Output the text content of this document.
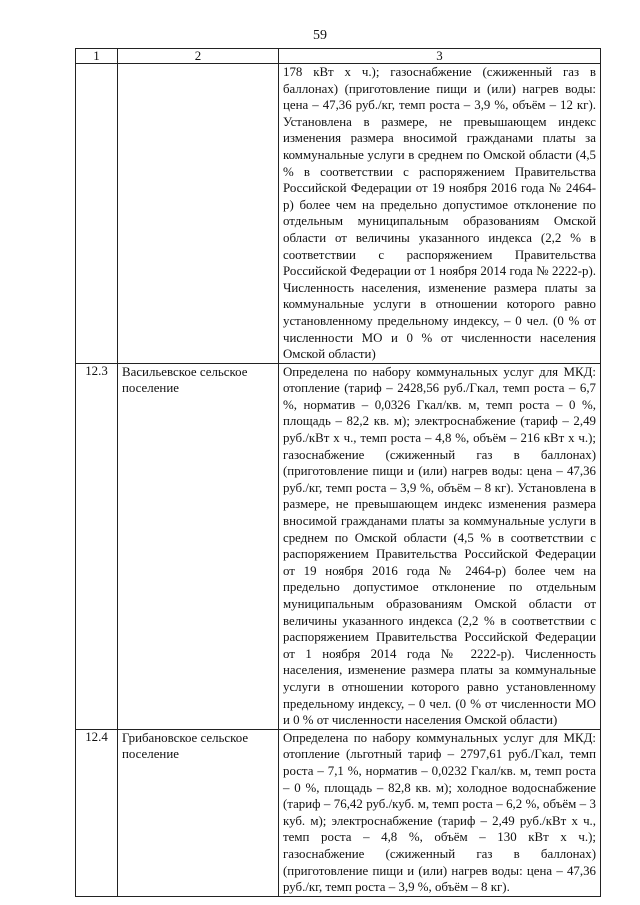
59
1	2	3
		178 кВт х ч.); газоснабжение (сжиженный газ в баллонах) (приготовление пищи и (или) нагрев воды: цена – 47,36 руб./кг, темп роста – 3,9 %, объём – 12 кг). Установлена в размере, не превышающем индекс изменения размера вносимой гражданами платы за коммунальные услуги в среднем по Омской области (4,5 % в соответствии с распоряжением Правительства Российской Федерации от 19 ноября 2016 года № 2464-р) более чем на предельно допустимое отклонение по отдельным муниципальным образованиям Омской области от величины указанного индекса (2,2 % в соответствии с распоряжением Правительства Российской Федерации от 1 ноября 2014 года № 2222-р). Численность населения, изменение размера платы за коммунальные услуги в отношении которого равно установленному предельному индексу, – 0 чел. (0 % от численности МО и 0 % от численности населения Омской области)
12.3	Васильевское сельское поселение	Определена по набору коммунальных услуг для МКД: отопление (тариф – 2428,56 руб./Гкал, темп роста – 6,7 %, норматив – 0,0326 Гкал/кв. м, темп роста – 0 %, площадь – 82,2 кв. м); электроснабжение (тариф – 2,49 руб./кВт х ч., темп роста – 4,8 %, объём – 216 кВт х ч.); газоснабжение (сжиженный газ в баллонах) (приготовление пищи и (или) нагрев воды: цена – 47,36 руб./кг, темп роста – 3,9 %, объём – 8 кг). Установлена в размере, не превышающем индекс изменения размера вносимой гражданами платы за коммунальные услуги в среднем по Омской области (4,5 % в соответствии с распоряжением Правительства Российской Федерации от 19 ноября 2016 года № 2464-р) более чем на предельно допустимое отклонение по отдельным муниципальным образованиям Омской области от величины указанного индекса (2,2 % в соответствии с распоряжением Правительства Российской Федерации от 1 ноября 2014 года № 2222-р). Численность населения, изменение размера платы за коммунальные услуги в отношении которого равно установленному предельному индексу, – 0 чел. (0 % от численности МО и 0 % от численности населения Омской области)
12.4	Грибановское сельское поселение	Определена по набору коммунальных услуг для МКД: отопление (льготный тариф – 2797,61 руб./Гкал, темп роста – 7,1 %, норматив – 0,0232 Гкал/кв. м, темп роста – 0 %, площадь – 82,8 кв. м); холодное водоснабжение (тариф – 76,42 руб./куб. м, темп роста – 6,2 %, объём – 3 куб. м); электроснабжение (тариф – 2,49 руб./кВт х ч., темп роста – 4,8 %, объём – 130 кВт х ч.); газоснабжение (сжиженный газ в баллонах) (приготовление пищи и (или) нагрев воды: цена – 47,36 руб./кг, темп роста – 3,9 %, объём – 8 кг).
